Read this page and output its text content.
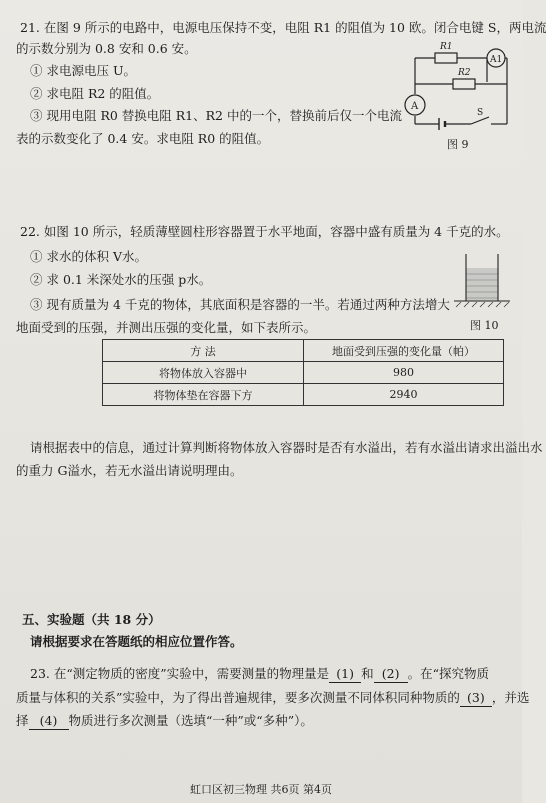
21. 在图 9 所示的电路中，电源电压保持不变，电阻 R1 的阻值为 10 欧。闭合电键 S，两电流
的示数分别为 0.8 安和 0.6 安。
① 求电源电压 U。
② 求电阻 R2 的阻值。
③ 现用电阻 R0 替换电阻 R1、R2 中的一个，替换前后仅一个电流
表的示数变化了 0.4 安。求电阻 R0 的阻值。
R1
R2
A1
A
S
图 9
22. 如图 10 所示，轻质薄壁圆柱形容器置于水平地面，容器中盛有质量为 4 千克的水。
① 求水的体积 V水。
② 求 0.1 米深处水的压强 p水。
③ 现有质量为 4 千克的物体，其底面积是容器的一半。若通过两种方法增大
地面受到的压强，并测出压强的变化量，如下表所示。	图 10
方 法	地面受到压强的变化量（帕）
将物体放入容器中	980
将物体垫在容器下方	2940
请根据表中的信息，通过计算判断将物体放入容器时是否有水溢出，若有水溢出请求出溢出水
的重力 G溢水，若无水溢出请说明理由。
五、实验题（共 18 分）
请根据要求在答题纸的相应位置作答。
23. 在“测定物质的密度”实验中，需要测量的物理量是 (1) 和 (2) 。在“探究物质
质量与体积的关系”实验中，为了得出普遍规律，要多次测量不同体积同种物质的 (3) ，并选
择 (4) 物质进行多次测量（选填“一种”或“多种”）。
虹口区初三物理 共6页 第4页
